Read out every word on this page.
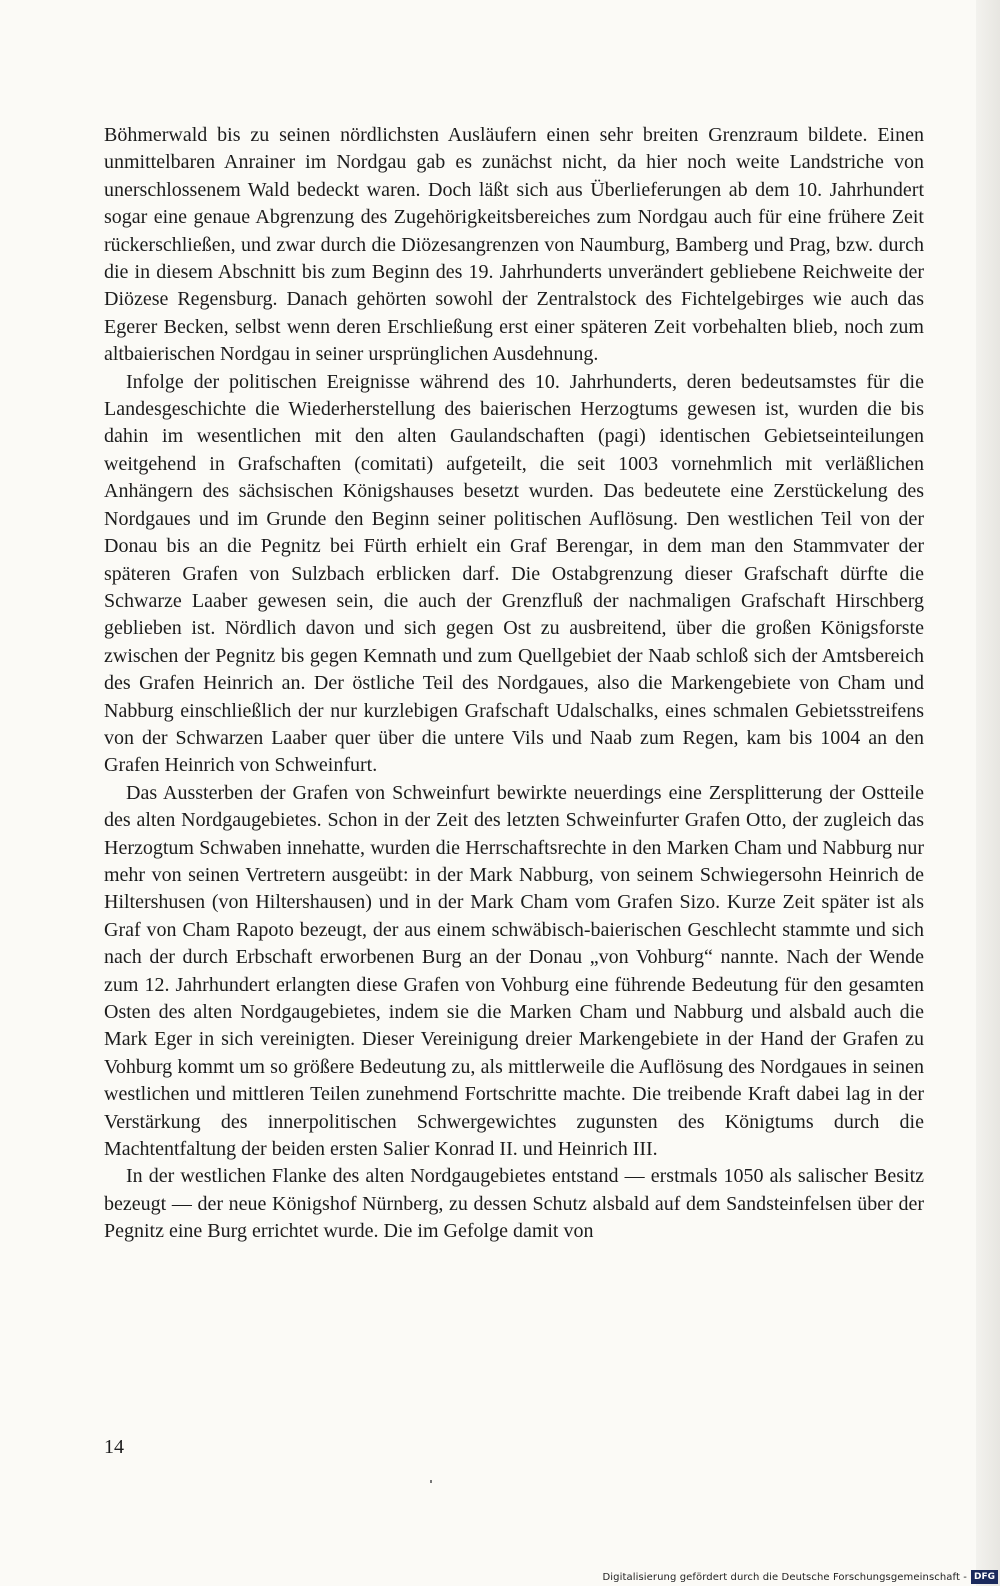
Böhmerwald bis zu seinen nördlichsten Ausläufern einen sehr breiten Grenzraum bildete. Einen unmittelbaren Anrainer im Nordgau gab es zunächst nicht, da hier noch weite Landstriche von unerschlossenem Wald bedeckt waren. Doch läßt sich aus Überlieferungen ab dem 10. Jahrhundert sogar eine genaue Abgrenzung des Zugehörigkeitsbereiches zum Nordgau auch für eine frühere Zeit rückerschließen, und zwar durch die Diözesangrenzen von Naumburg, Bamberg und Prag, bzw. durch die in diesem Abschnitt bis zum Beginn des 19. Jahrhunderts unverändert gebliebene Reichweite der Diözese Regensburg. Danach gehörten sowohl der Zentralstock des Fichtelgebirges wie auch das Egerer Becken, selbst wenn deren Erschließung erst einer späteren Zeit vorbehalten blieb, noch zum altbaierischen Nordgau in seiner ursprünglichen Ausdehnung.

Infolge der politischen Ereignisse während des 10. Jahrhunderts, deren bedeutsamstes für die Landesgeschichte die Wiederherstellung des baierischen Herzogtums gewesen ist, wurden die bis dahin im wesentlichen mit den alten Gaulandschaften (pagi) identischen Gebietseinteilungen weitgehend in Grafschaften (comitati) aufgeteilt, die seit 1003 vornehmlich mit verläßlichen Anhängern des sächsischen Königshauses besetzt wurden. Das bedeutete eine Zerstückelung des Nordgaues und im Grunde den Beginn seiner politischen Auflösung. Den westlichen Teil von der Donau bis an die Pegnitz bei Fürth erhielt ein Graf Berengar, in dem man den Stammvater der späteren Grafen von Sulzbach erblicken darf. Die Ostabgrenzung dieser Grafschaft dürfte die Schwarze Laaber gewesen sein, die auch der Grenzfluß der nachmaligen Grafschaft Hirschberg geblieben ist. Nördlich davon und sich gegen Ost zu ausbreitend, über die großen Königsforste zwischen der Pegnitz bis gegen Kemnath und zum Quellgebiet der Naab schloß sich der Amtsbereich des Grafen Heinrich an. Der östliche Teil des Nordgaues, also die Markengebiete von Cham und Nabburg einschließlich der nur kurzlebigen Grafschaft Udalschalks, eines schmalen Gebietsstreifens von der Schwarzen Laaber quer über die untere Vils und Naab zum Regen, kam bis 1004 an den Grafen Heinrich von Schweinfurt.

Das Aussterben der Grafen von Schweinfurt bewirkte neuerdings eine Zersplitterung der Ostteile des alten Nordgaugebietes. Schon in der Zeit des letzten Schweinfurter Grafen Otto, der zugleich das Herzogtum Schwaben innehatte, wurden die Herrschaftsrechte in den Marken Cham und Nabburg nur mehr von seinen Vertretern ausgeübt: in der Mark Nabburg, von seinem Schwiegersohn Heinrich de Hiltershusen (von Hiltershausen) und in der Mark Cham vom Grafen Sizo. Kurze Zeit später ist als Graf von Cham Rapoto bezeugt, der aus einem schwäbisch-baierischen Geschlecht stammte und sich nach der durch Erbschaft erworbenen Burg an der Donau „von Vohburg“ nannte. Nach der Wende zum 12. Jahrhundert erlangten diese Grafen von Vohburg eine führende Bedeutung für den gesamten Osten des alten Nordgaugebietes, indem sie die Marken Cham und Nabburg und alsbald auch die Mark Eger in sich vereinigten. Dieser Vereinigung dreier Markengebiete in der Hand der Grafen zu Vohburg kommt um so größere Bedeutung zu, als mittlerweile die Auflösung des Nordgaues in seinen westlichen und mittleren Teilen zunehmend Fortschritte machte. Die treibende Kraft dabei lag in der Verstärkung des innerpolitischen Schwergewichtes zugunsten des Königtums durch die Machtentfaltung der beiden ersten Salier Konrad II. und Heinrich III.

In der westlichen Flanke des alten Nordgaugebietes entstand — erstmals 1050 als salischer Besitz bezeugt — der neue Königshof Nürnberg, zu dessen Schutz alsbald auf dem Sandsteinfelsen über der Pegnitz eine Burg errichtet wurde. Die im Gefolge damit von

14
Digitalisierung gefördert durch die Deutsche Forschungsgemeinschaft - DFG
